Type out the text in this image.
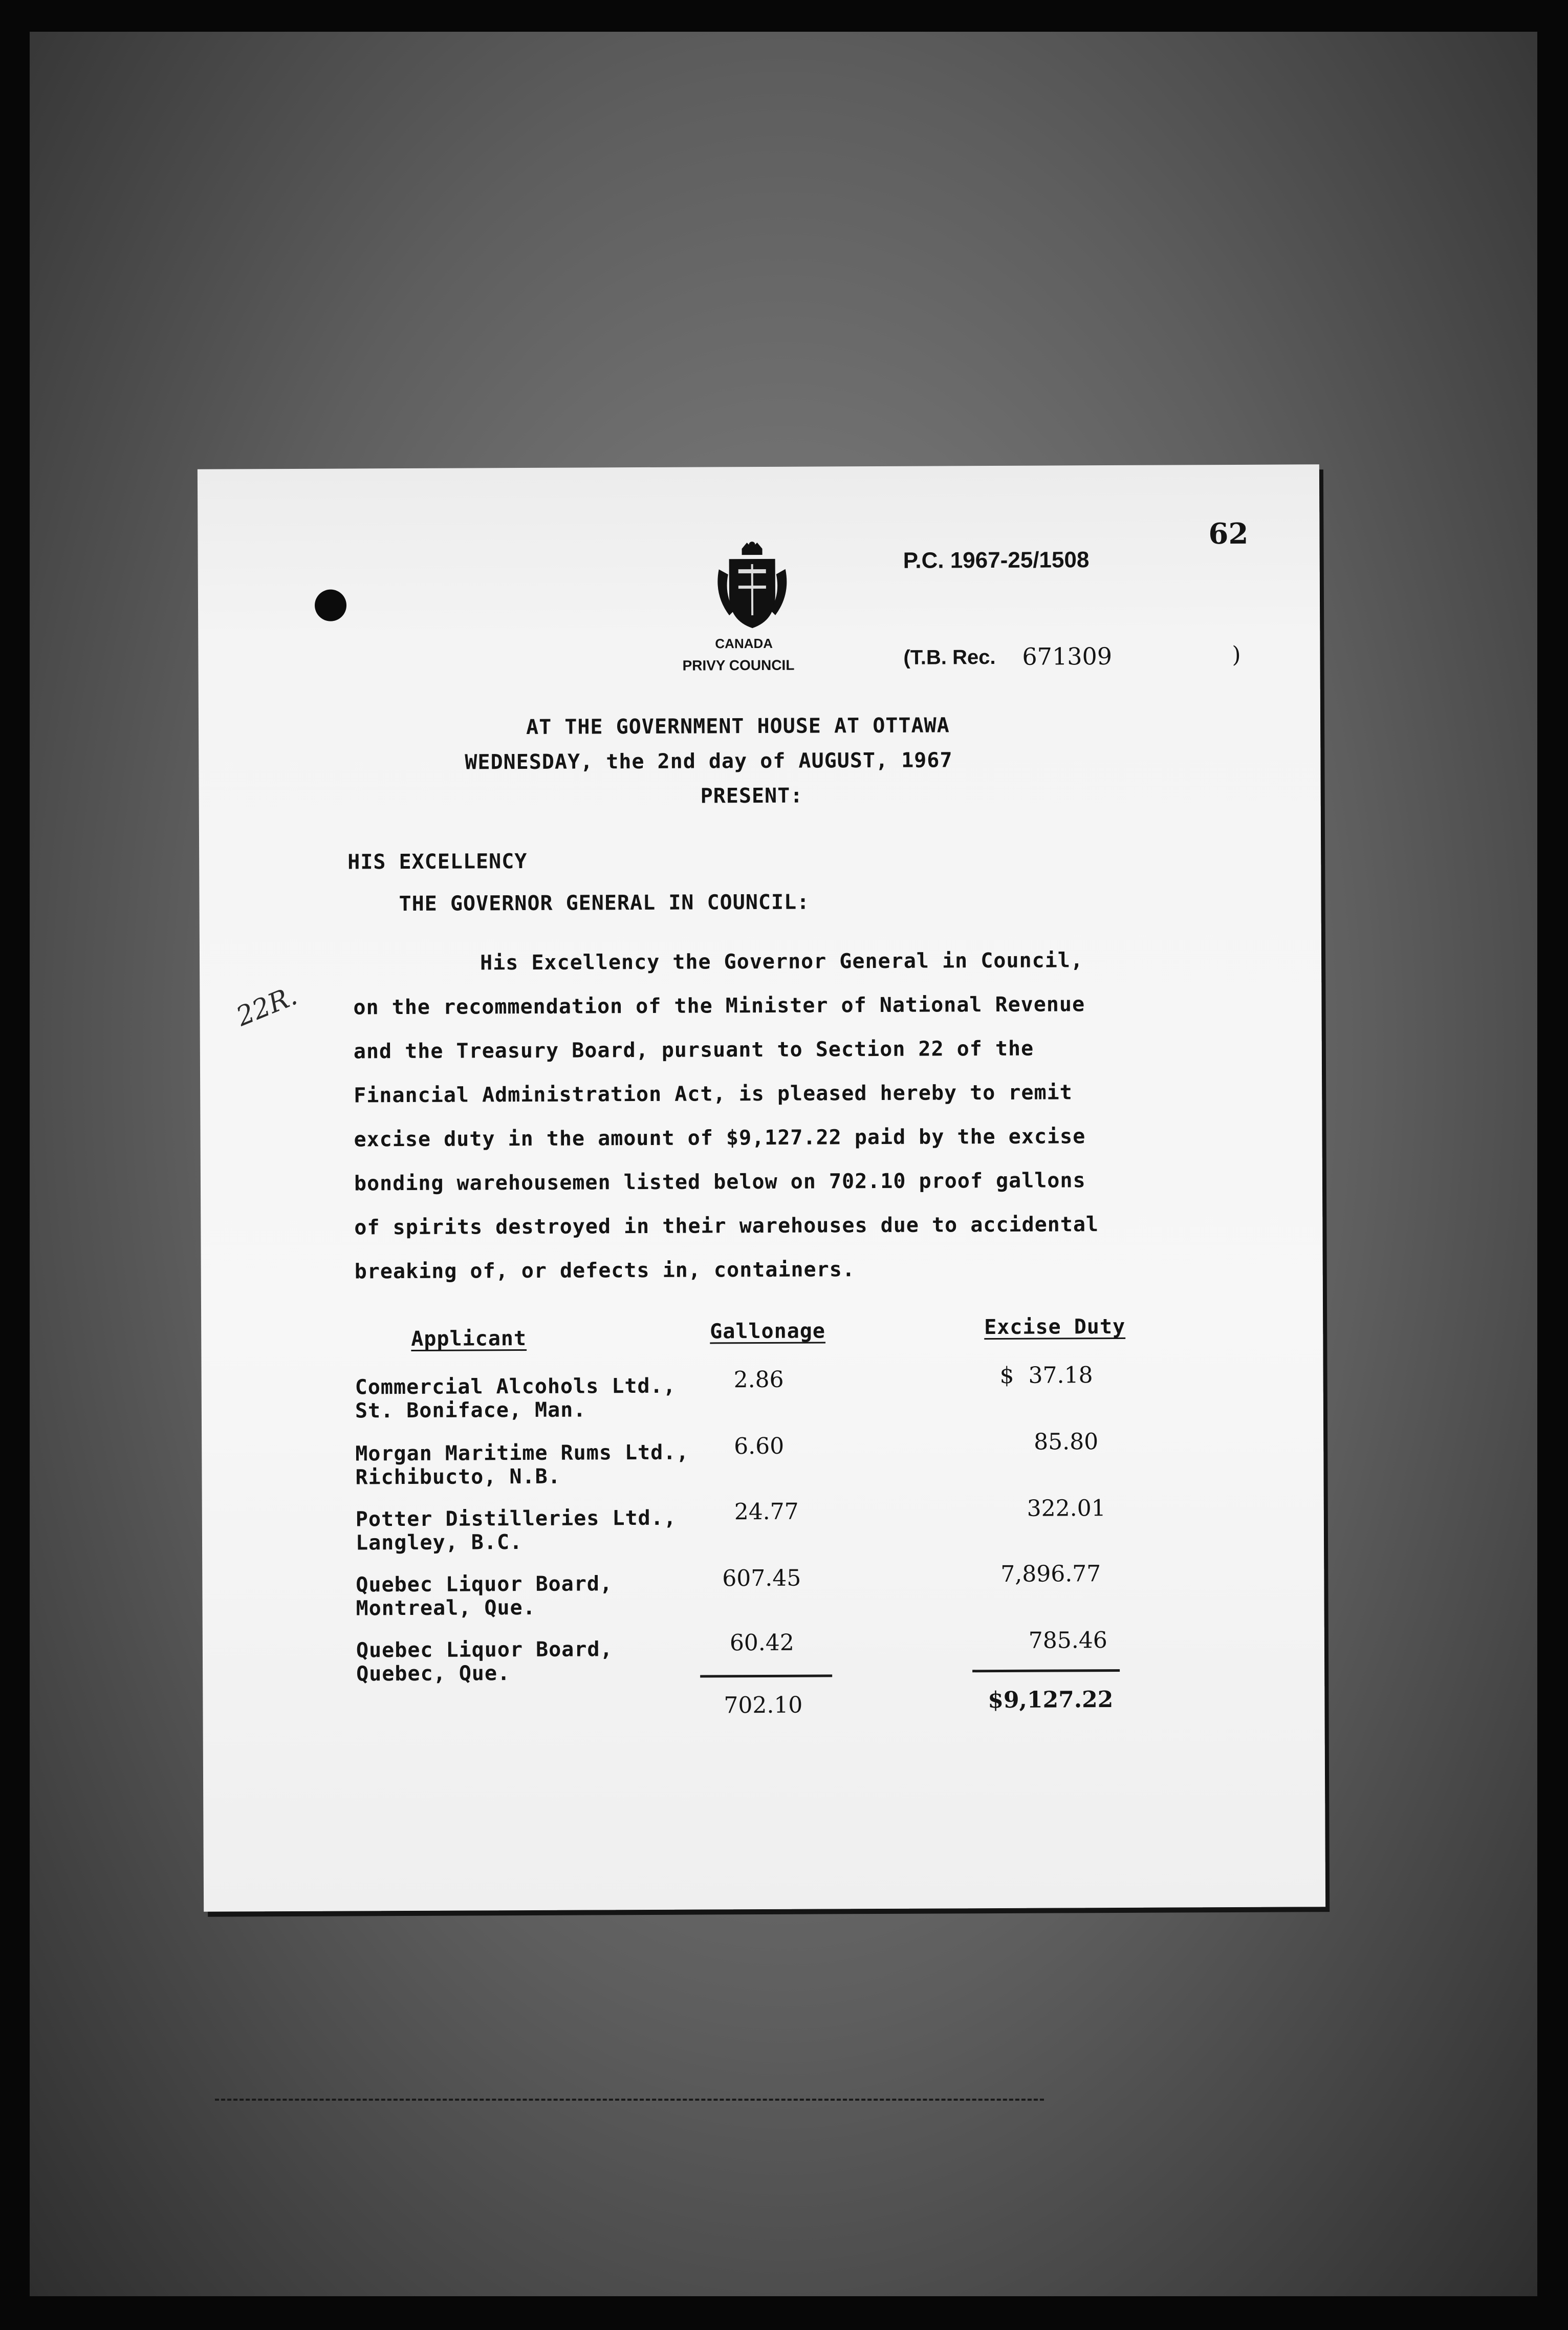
62
CANADA
PRIVY COUNCIL
P.C. 1967-25/1508
(T.B. Rec. 671309	)
AT THE GOVERNMENT HOUSE AT OTTAWA
WEDNESDAY, the 2nd day of AUGUST, 1967
PRESENT:
HIS EXCELLENCY
THE GOVERNOR GENERAL IN COUNCIL:
22R.
His Excellency the Governor General in Council,
on the recommendation of the Minister of National Revenue
and the Treasury Board, pursuant to Section 22 of the
Financial Administration Act, is pleased hereby to remit
excise duty in the amount of $9,127.22 paid by the excise
bonding warehousemen listed below on 702.10 proof gallons
of spirits destroyed in their warehouses due to accidental
breaking of, or defects in, containers.
Applicant	Gallonage	Excise Duty
Commercial Alcohols Ltd.,
St. Boniface, Man.
2.86	$  37.18
Morgan Maritime Rums Ltd.,
Richibucto, N.B.
6.60	85.80
Potter Distilleries Ltd.,
Langley, B.C.
24.77	322.01
Quebec Liquor Board,
Montreal, Que.
607.45	7,896.77
Quebec Liquor Board,
Quebec, Que.
60.42	785.46
702.10	$9,127.22
